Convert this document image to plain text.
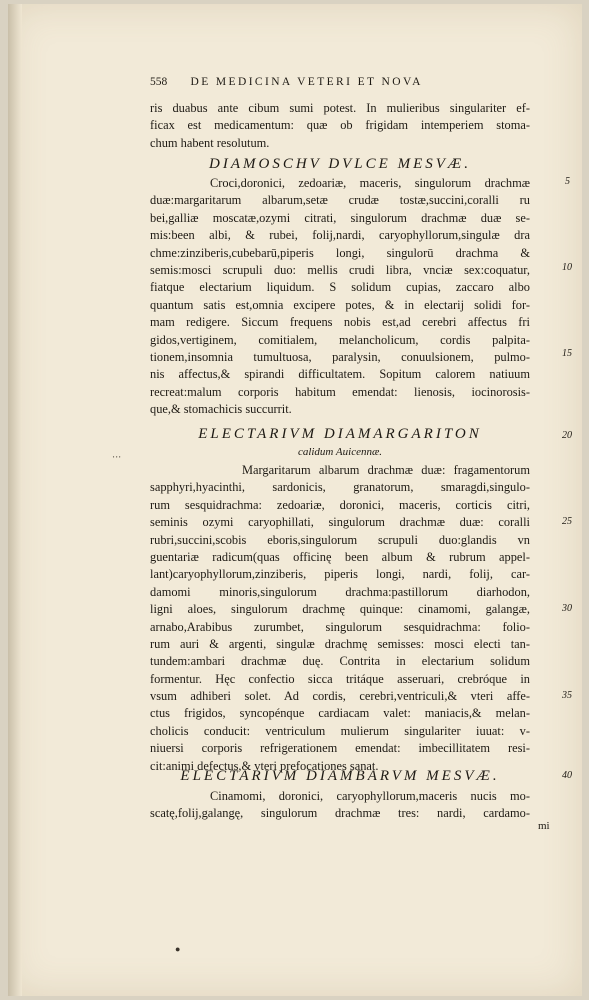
558 DE MEDICINA VETERI ET NOVA
ris duabus ante cibum sumi potest. In mulieribus singulariter ef-
ficax est medicamentum: quæ ob frigidam intemperiem stoma-
chum habent resolutum.
DIAMOSCHV DVLCE MESVÆ.
Croci,doronici, zedoariæ, maceris, singulorum drachmæ
duæ:margaritarum albarum,setæ crudæ tostæ,succini,coralli ru
bei,galliæ moscatæ,ozymi citrati, singulorum drachmæ duæ se-
mis:been albi, & rubei, folij,nardi, caryophyllorum,singulæ dra
chme:zinziberis,cubebarū,piperis longi, singulorū drachma &
semis:mosci scrupuli duo: mellis crudi libra, vnciæ sex:coquatur,
fiatque electarium liquidum. S solidum cupias, zaccaro albo
quantum satis est,omnia excipere potes, & in electarij solidi for-
mam redigere. Siccum frequens nobis est,ad cerebri affectus fri
gidos,vertiginem, comitialem, melancholicum, cordis palpita-
tionem,insomnia tumultuosa, paralysin, conuulsionem, pulmo-
nis affectus,& spirandi difficultatem. Sopitum calorem natiuum
recreat:malum corporis habitum emendat: lienosis, iocinorosis-
que,& stomachicis succurrit.
ELECTARIVM DIAMARGARITON
calidum Auicennæ.
Margaritarum albarum drachmæ duæ: fragamentorum
sapphyri,hyacinthi, sardonicis, granatorum, smaragdi,singulo-
rum sesquidrachma: zedoariæ, doronici, maceris, corticis citri,
seminis ozymi caryophillati, singulorum drachmæ duæ: coralli
rubri,succini,scobis eboris,singulorum scrupuli duo:glandis vn
guentariæ radicum(quas officinę been album & rubrum appel-
lant)caryophyllorum,zinziberis, piperis longi, nardi, folij, car-
damomi minoris,singulorum drachma:pastillorum diarhodon,
ligni aloes, singulorum drachmę quinque: cinamomi, galangæ,
arnabo,Arabibus zurumbet, singulorum sesquidrachma: folio-
rum auri & argenti, singulæ drachmę semisses: mosci electi tan-
tundem:ambari drachmæ duę. Contrita in electarium solidum
formentur. Hęc confectio sicca tritáque asseruari, crebróque in
vsum adhiberi solet. Ad cordis, cerebri,ventriculi,& vteri affe-
ctus frigidos, syncopénque cardiacam valet: maniacis,& melan-
cholicis conducit: ventriculum mulierum singulariter iuuat: v-
niuersi corporis refrigerationem emendat: imbecillitatem resi-
cit:animi defectus,& vteri prefocationes sanat.
ELECTARIVM DIAMBARVM MESVÆ.
Cinamomi, doronici, caryophyllorum,maceris nucis mo-
scatę,folij,galangę, singulorum drachmæ tres: nardi, cardamo-
mi
5
10
15
20
25
30
35
40
⋅⋅⋅
●
